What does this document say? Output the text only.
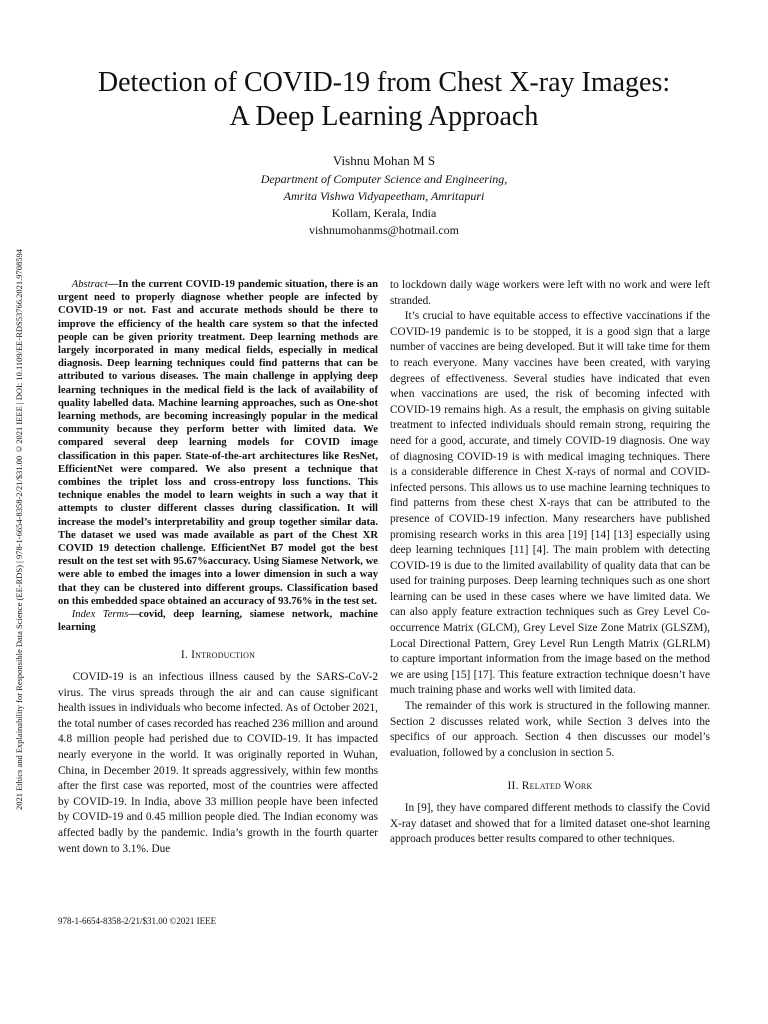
2021 Ethics and Explainability for Responsible Data Science (EE-RDS) | 978-1-6654-8358-2/21/$31.00 ©2021 IEEE | DOI: 10.1109/EE-RDS53766.2021.9708594
Detection of COVID-19 from Chest X-ray Images:
A Deep Learning Approach
Vishnu Mohan M S
Department of Computer Science and Engineering,
Amrita Vishwa Vidyapeetham, Amritapuri
Kollam, Kerala, India
vishnumohanms@hotmail.com

Abstract—In the current COVID-19 pandemic situation, there is an urgent need to properly diagnose whether people are infected by COVID-19 or not. Fast and accurate methods should be there to improve the efficiency of the health care system so that the infected people can be given priority treatment. Deep learning methods are largely incorporated in many medical fields, especially in medical diagnosis. Deep learning techniques could find patterns that can be attributed to various diseases. The main challenge in applying deep learning techniques in the medical field is the lack of availability of quality labelled data. Machine learning approaches, such as One-shot learning methods, are becoming increasingly popular in the medical community because they perform better with limited data. We compared several deep learning models for COVID image classification in this paper. State-of-the-art architectures like ResNet, EfficientNet were compared. We also present a technique that combines the triplet loss and cross-entropy loss functions. This technique enables the model to learn weights in such a way that it attempts to cluster different classes during classification. It will increase the model’s interpretability and group together similar data. The dataset we used was made available as part of the Chest XR COVID 19 detection challenge. EfficientNet B7 model got the best result on the test set with 95.67%accuracy. Using Siamese Network, we were able to embed the images into a lower dimension in such a way that they can be clustered into different groups. Classification based on this embedded space obtained an accuracy of 93.76% in the test set.

Index Terms—covid, deep learning, siamese network, machine learning

I. Introduction

COVID-19 is an infectious illness caused by the SARS-CoV-2 virus. The virus spreads through the air and can cause significant health issues in individuals who become infected. As of October 2021, the total number of cases recorded has reached 236 million and around 4.8 million people had perished due to COVID-19. It has impacted nearly everyone in the world. It was originally reported in Wuhan, China, in December 2019. It spreads aggressively, within few months after the first case was reported, most of the countries were affected by COVID-19. In India, above 33 million people have been infected by COVID-19 and 0.45 million people died. The Indian economy was affected badly by the pandemic. India’s growth in the fourth quarter went down to 3.1%. Due

to lockdown daily wage workers were left with no work and were left stranded.

It’s crucial to have equitable access to effective vaccinations if the COVID-19 pandemic is to be stopped, it is a good sign that a large number of vaccines are being developed. But it will take time for them to reach everyone. Many vaccines have been created, with varying degrees of effectiveness. Several studies have indicated that even when vaccinations are used, the risk of becoming infected with COVID-19 remains high. As a result, the emphasis on giving suitable treatment to infected individuals should remain strong, requiring the need for a good, accurate, and timely COVID-19 diagnosis. One way of diagnosing COVID-19 is with medical imaging techniques. There is a considerable difference in Chest X-rays of normal and COVID-infected persons. This allows us to use machine learning techniques to find patterns from these chest X-rays that can be attributed to the presence of COVID-19 infection. Many researchers have published promising research works in this area [19] [14] [13] especially using deep learning techniques [11] [4]. The main problem with detecting COVID-19 is due to the limited availability of quality data that can be used for training purposes. Deep learning techniques such as one short learning can be used in these cases where we have limited data. We can also apply feature extraction techniques such as Grey Level Co-occurrence Matrix (GLCM), Grey Level Size Zone Matrix (GLSZM), Local Directional Pattern, Grey Level Run Length Matrix (GLRLM) to capture important information from the image based on the method we are using [15] [17]. This feature extraction technique doesn’t have much training phase and works well with limited data.

The remainder of this work is structured in the following manner. Section 2 discusses related work, while Section 3 delves into the specifics of our approach. Section 4 then discusses our model’s evaluation, followed by a conclusion in section 5.

II. Related Work

In [9], they have compared different methods to classify the Covid X-ray dataset and showed that for a limited dataset one-shot learning approach produces better results compared to other techniques.

978-1-6654-8358-2/21/$31.00 ©2021 IEEE
